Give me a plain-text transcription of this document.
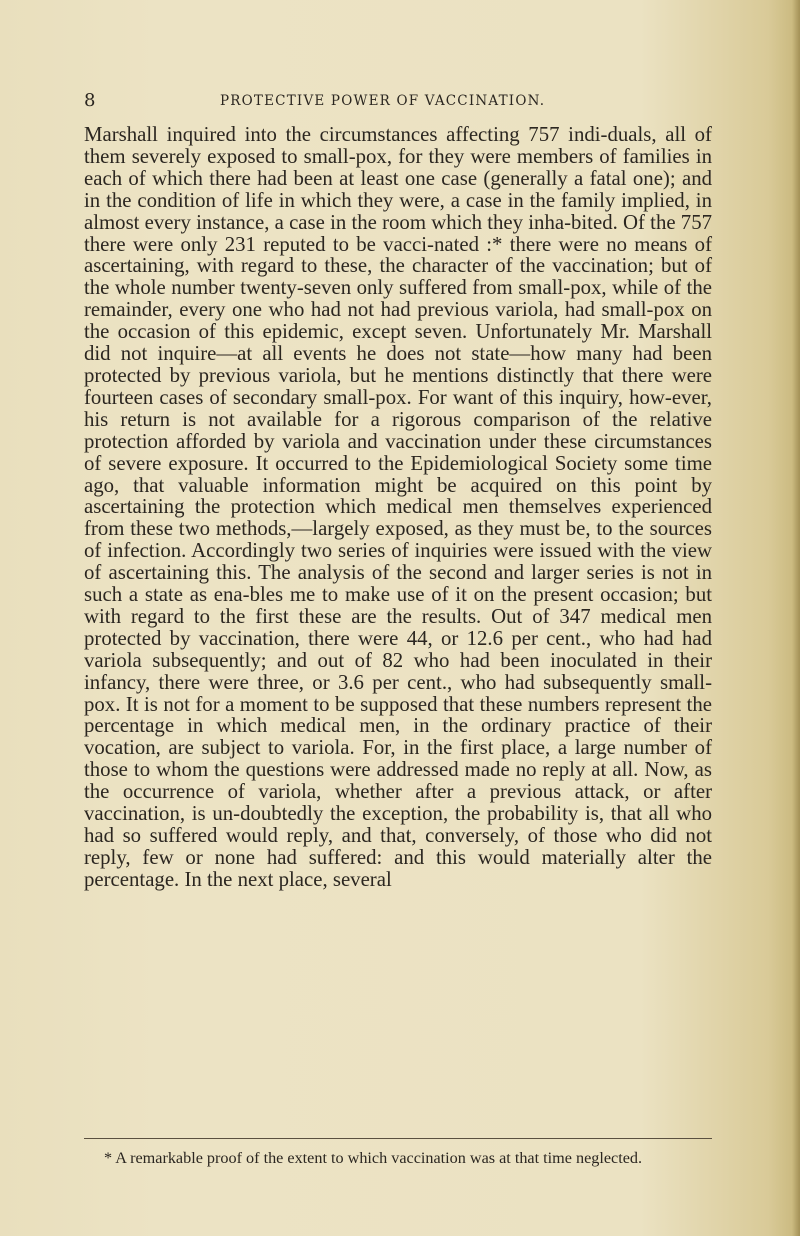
8	PROTECTIVE POWER OF VACCINATION.

Marshall inquired into the circumstances affecting 757 indi-duals, all of them severely exposed to small-pox, for they were members of families in each of which there had been at least one case (generally a fatal one); and in the condition of life in which they were, a case in the family implied, in almost every instance, a case in the room which they inha-bited. Of the 757 there were only 231 reputed to be vacci-nated :* there were no means of ascertaining, with regard to these, the character of the vaccination; but of the whole number twenty-seven only suffered from small-pox, while of the remainder, every one who had not had previous variola, had small-pox on the occasion of this epidemic, except seven. Unfortunately Mr. Marshall did not inquire—at all events he does not state—how many had been protected by previous variola, but he mentions distinctly that there were fourteen cases of secondary small-pox. For want of this inquiry, how-ever, his return is not available for a rigorous comparison of the relative protection afforded by variola and vaccination under these circumstances of severe exposure. It occurred to the Epidemiological Society some time ago, that valuable information might be acquired on this point by ascertaining the protection which medical men themselves experienced from these two methods,—largely exposed, as they must be, to the sources of infection. Accordingly two series of inquiries were issued with the view of ascertaining this. The analysis of the second and larger series is not in such a state as ena-bles me to make use of it on the present occasion; but with regard to the first these are the results. Out of 347 medical men protected by vaccination, there were 44, or 12.6 per cent., who had had variola subsequently; and out of 82 who had been inoculated in their infancy, there were three, or 3.6 per cent., who had subsequently small-pox. It is not for a moment to be supposed that these numbers represent the percentage in which medical men, in the ordinary practice of their vocation, are subject to variola. For, in the first place, a large number of those to whom the questions were addressed made no reply at all. Now, as the occurrence of variola, whether after a previous attack, or after vaccination, is un-doubtedly the exception, the probability is, that all who had so suffered would reply, and that, conversely, of those who did not reply, few or none had suffered: and this would materially alter the percentage. In the next place, several

* A remarkable proof of the extent to which vaccination was at that time neglected.
